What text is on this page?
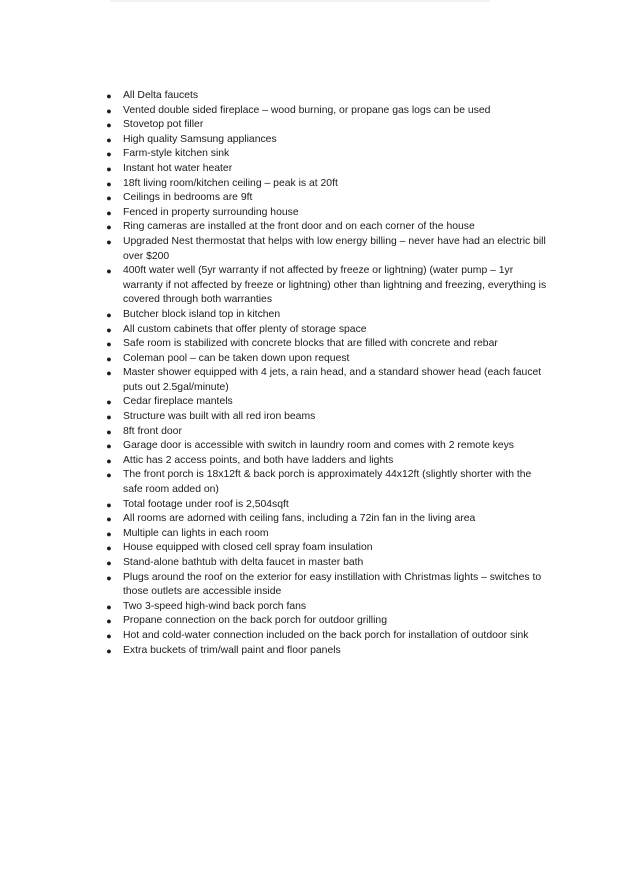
● All Delta faucets
● Vented double sided fireplace – wood burning, or propane gas logs can be used
● Stovetop pot filler
● High quality Samsung appliances
● Farm-style kitchen sink
● Instant hot water heater
● 18ft living room/kitchen ceiling – peak is at 20ft
● Ceilings in bedrooms are 9ft
● Fenced in property surrounding house
● Ring cameras are installed at the front door and on each corner of the house
● Upgraded Nest thermostat that helps with low energy billing – never have had an electric bill over $200
● 400ft water well (5yr warranty if not affected by freeze or lightning) (water pump – 1yr warranty if not affected by freeze or lightning) other than lightning and freezing, everything is covered through both warranties
● Butcher block island top in kitchen
● All custom cabinets that offer plenty of storage space
● Safe room is stabilized with concrete blocks that are filled with concrete and rebar
● Coleman pool – can be taken down upon request
● Master shower equipped with 4 jets, a rain head, and a standard shower head (each faucet puts out 2.5gal/minute)
● Cedar fireplace mantels
● Structure was built with all red iron beams
● 8ft front door
● Garage door is accessible with switch in laundry room and comes with 2 remote keys
● Attic has 2 access points, and both have ladders and lights
● The front porch is 18x12ft & back porch is approximately 44x12ft (slightly shorter with the safe room added on)
● Total footage under roof is 2,504sqft
● All rooms are adorned with ceiling fans, including a 72in fan in the living area
● Multiple can lights in each room
● House equipped with closed cell spray foam insulation
● Stand-alone bathtub with delta faucet in master bath
● Plugs around the roof on the exterior for easy instillation with Christmas lights – switches to those outlets are accessible inside
● Two 3-speed high-wind back porch fans
● Propane connection on the back porch for outdoor grilling
● Hot and cold-water connection included on the back porch for installation of outdoor sink
● Extra buckets of trim/wall paint and floor panels
